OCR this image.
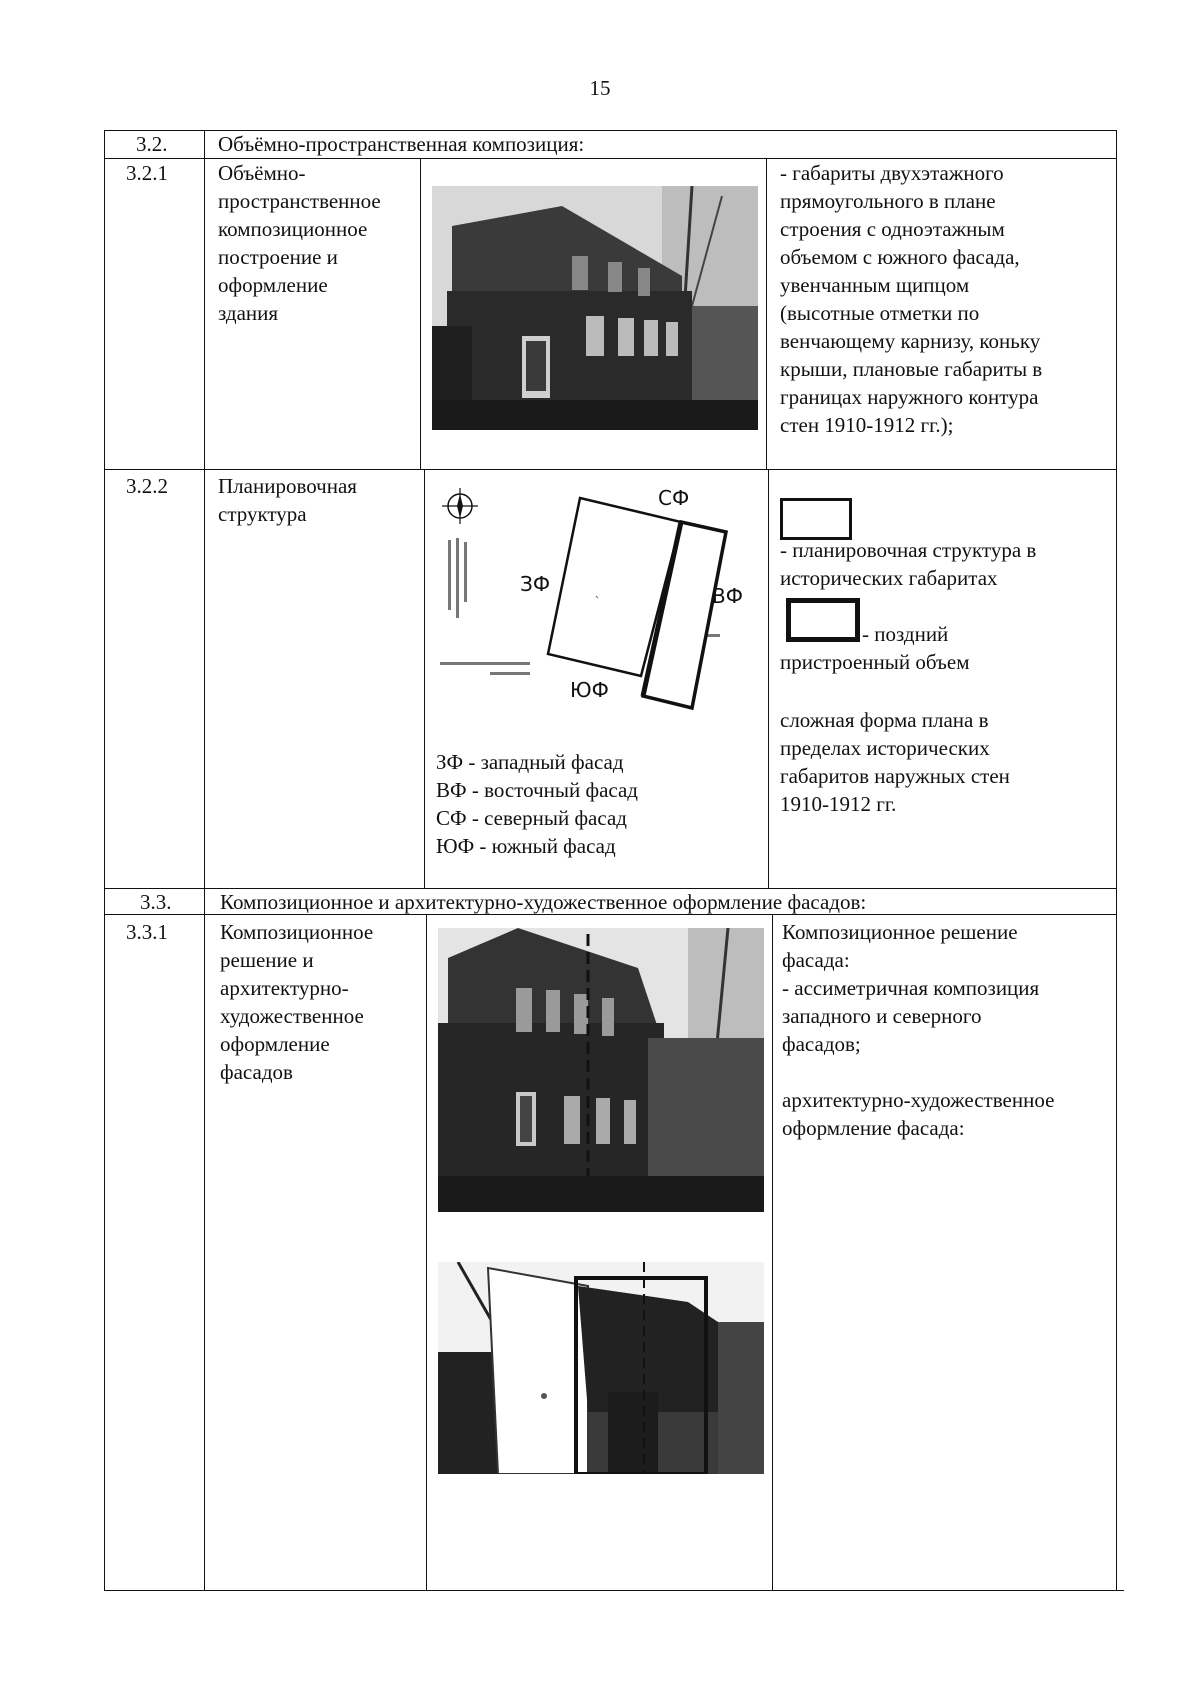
15
3.2. Объёмно-пространственная композиция:
3.2.1 Объёмно-
пространственное
композиционное
построение и
оформление
здания
- габариты двухэтажного
прямоугольного в плане
строения с одноэтажным
объемом с южного фасада,
увенчанным щипцом
(высотные отметки по
венчающему карнизу, коньку
крыши, плановые габариты в
границах наружного контура
стен 1910-1912 гг.);
3.2.2 Планировочная
структура
СФ
ЗФ	ВФ
ЮФ
ЗФ - западный фасад
ВФ - восточный фасад
СФ - северный фасад
ЮФ - южный фасад
- планировочная структура в
исторических габаритах
- поздний
пристроенный объем
сложная форма плана в
пределах исторических
габаритов наружных стен
1910-1912 гг.
3.3. Композиционное и архитектурно-художественное оформление фасадов:
3.3.1 Композиционное
решение и
архитектурно-
художественное
оформление
фасадов
Композиционное решение
фасада:
- ассиметричная композиция
западного и северного
фасадов;

архитектурно-художественное
оформление фасада:
